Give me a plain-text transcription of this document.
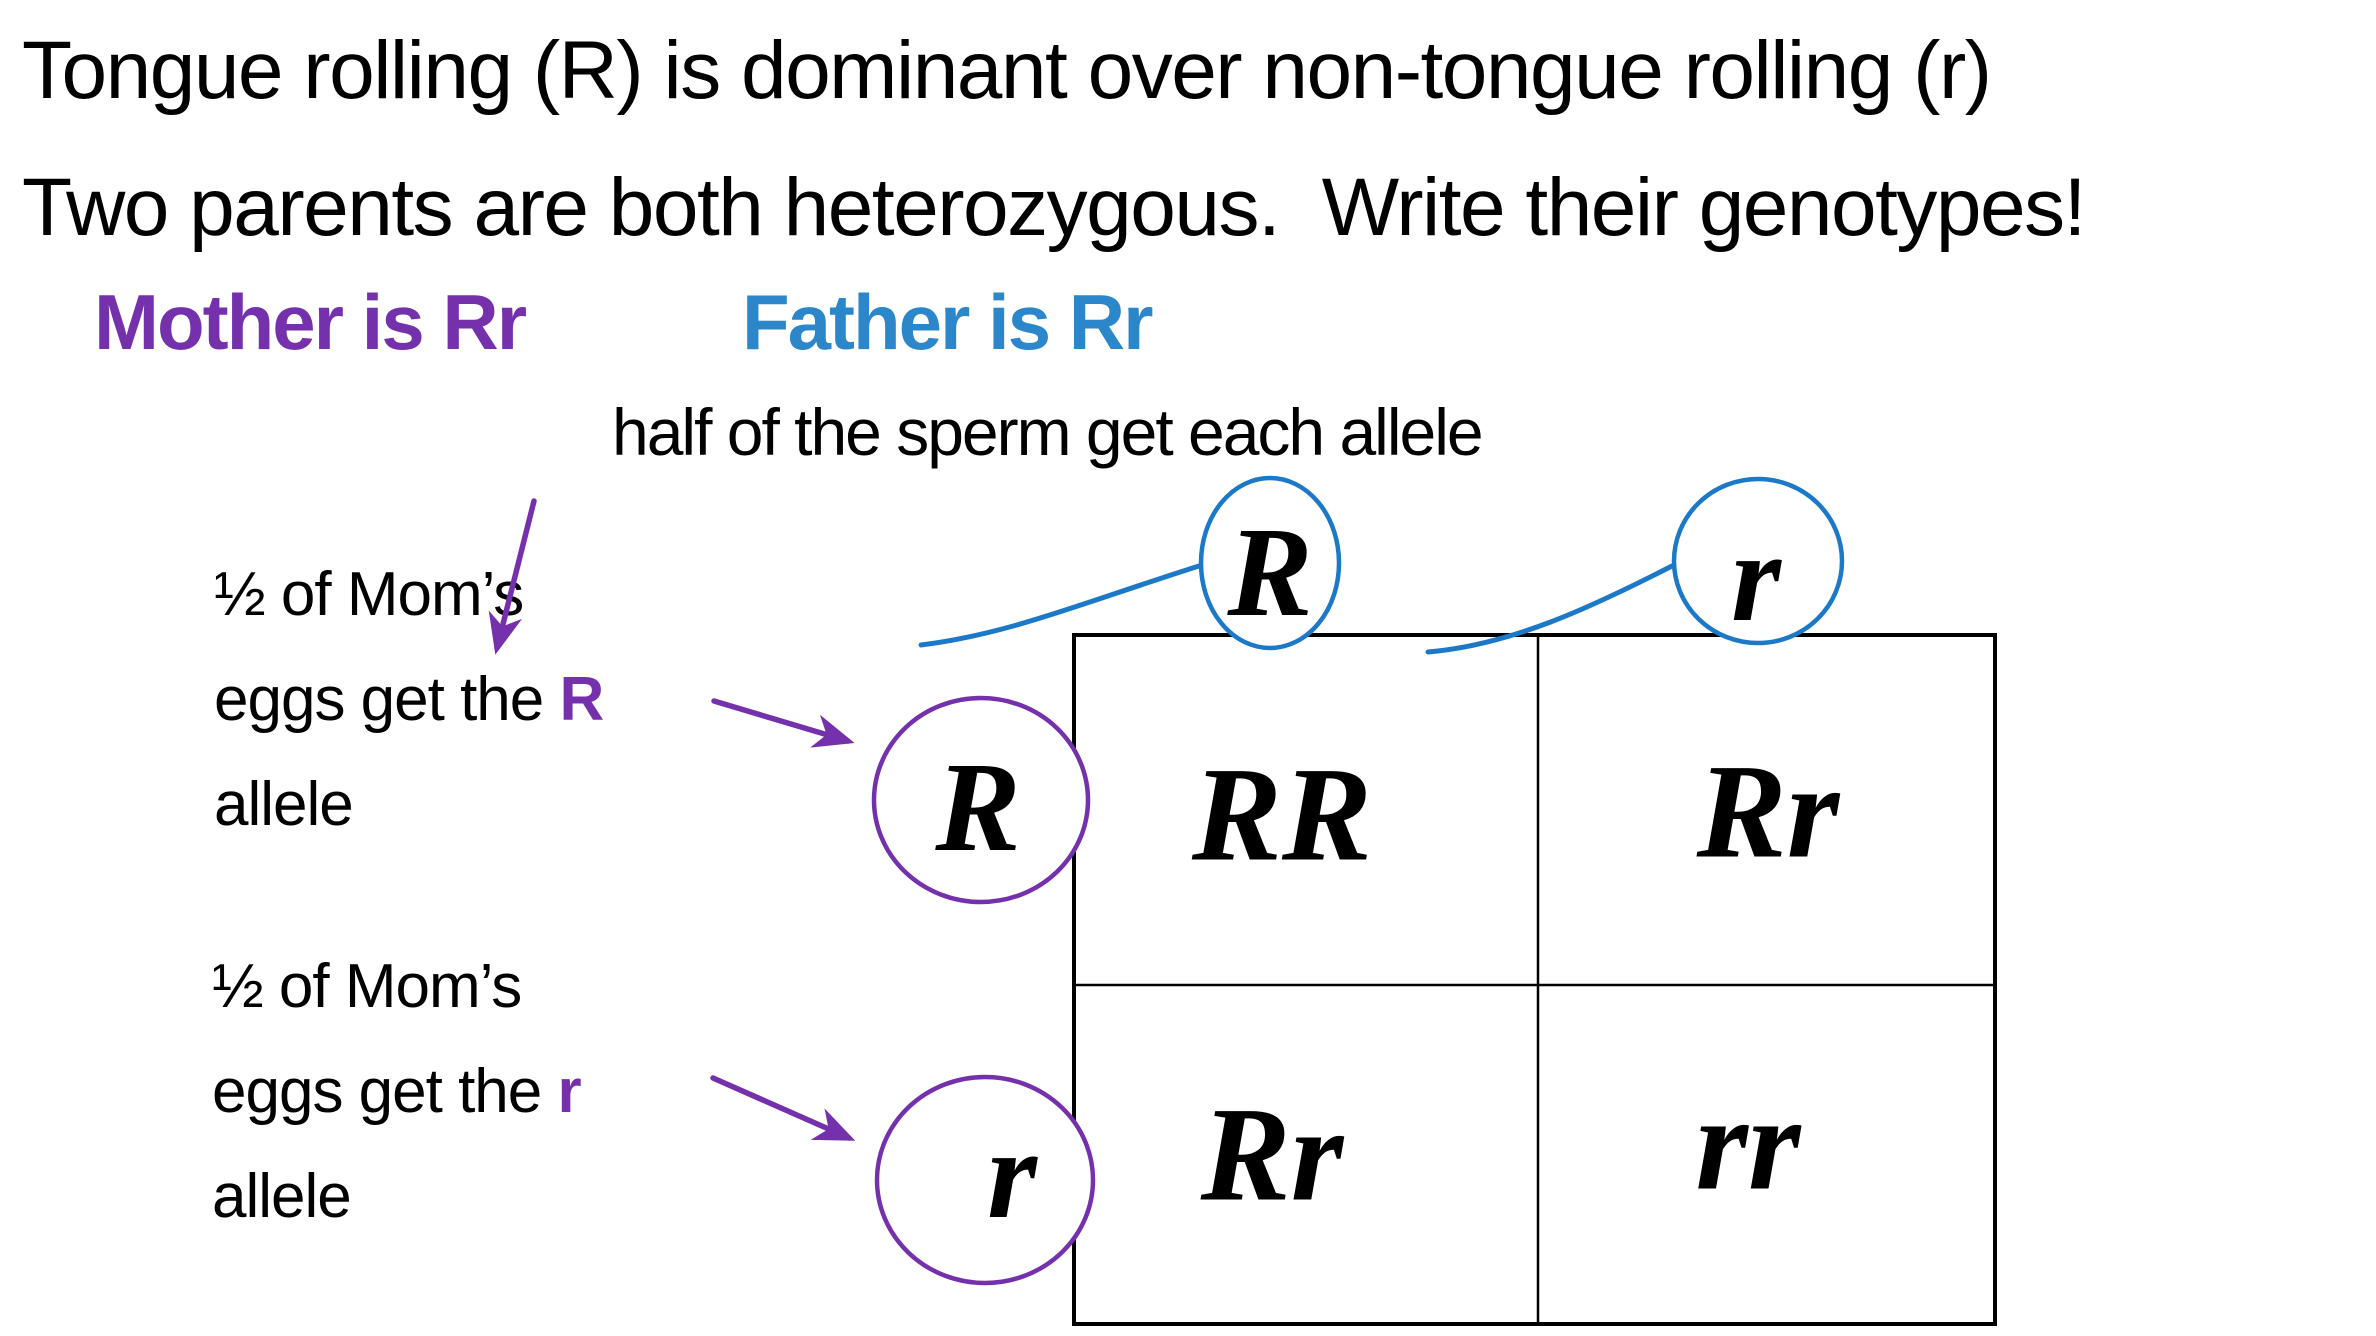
Tongue rolling (R) is dominant over non-tongue rolling (r)
Two parents are both heterozygous.  Write their genotypes!
Mother is Rr	Father is Rr
half of the sperm get each allele
½ of Mom’s
eggs get the R
allele
½ of Mom’s
eggs get the r
allele
R	r
R
r
RR Rr
Rr	rr
